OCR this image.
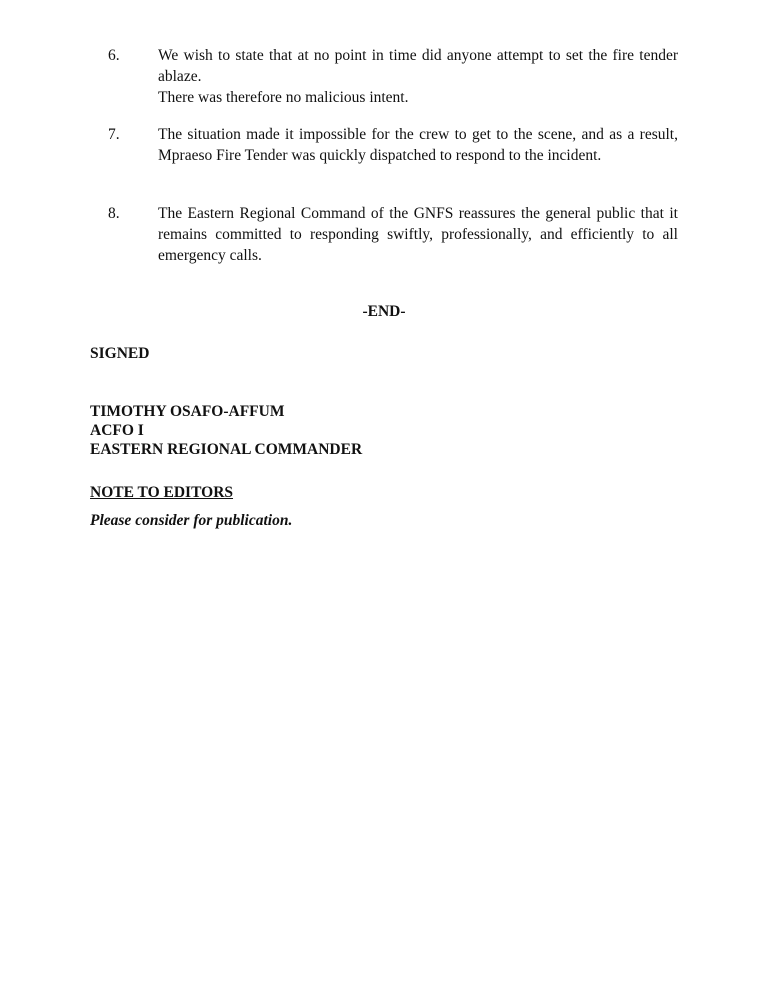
6. We wish to state that at no point in time did anyone attempt to set the fire tender ablaze.
There was therefore no malicious intent.
7. The situation made it impossible for the crew to get to the scene, and as a result,
Mpraeso Fire Tender was quickly dispatched to respond to the incident.
8. The Eastern Regional Command of the GNFS reassures the general public that it
remains committed to responding swiftly, professionally, and efficiently to all
emergency calls.
-END-
SIGNED
TIMOTHY OSAFO-AFFUM
ACFO I
EASTERN REGIONAL COMMANDER
NOTE TO EDITORS
Please consider for publication.
